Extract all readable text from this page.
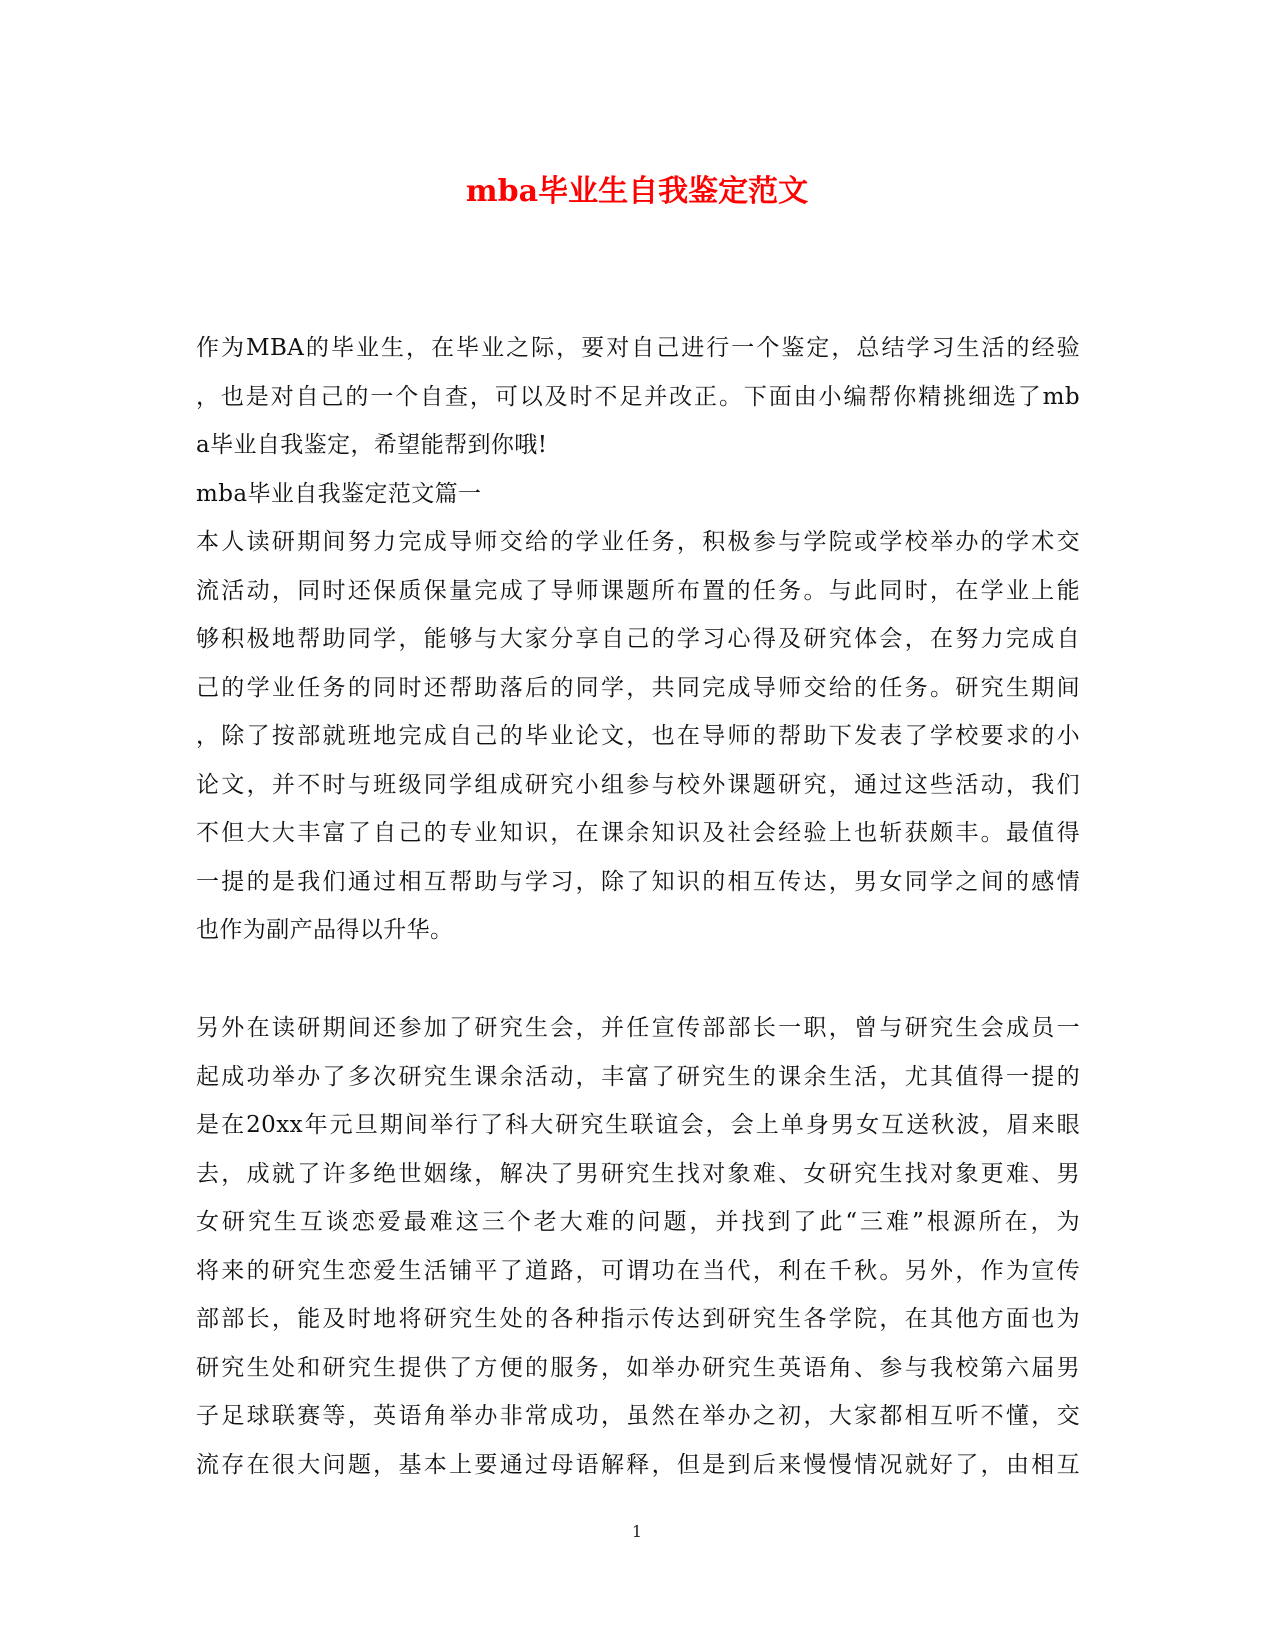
mba毕业生自我鉴定范文
作为MBA的毕业生，在毕业之际，要对自己进行一个鉴定，总结学习生活的经验
，也是对自己的一个自查，可以及时不足并改正。下面由小编帮你精挑细选了mb
a毕业自我鉴定，希望能帮到你哦!
mba毕业自我鉴定范文篇一
本人读研期间努力完成导师交给的学业任务，积极参与学院或学校举办的学术交
流活动，同时还保质保量完成了导师课题所布置的任务。与此同时，在学业上能
够积极地帮助同学，能够与大家分享自己的学习心得及研究体会，在努力完成自
己的学业任务的同时还帮助落后的同学，共同完成导师交给的任务。研究生期间
，除了按部就班地完成自己的毕业论文，也在导师的帮助下发表了学校要求的小
论文，并不时与班级同学组成研究小组参与校外课题研究，通过这些活动，我们
不但大大丰富了自己的专业知识，在课余知识及社会经验上也斩获颇丰。最值得
一提的是我们通过相互帮助与学习，除了知识的相互传达，男女同学之间的感情
也作为副产品得以升华。
另外在读研期间还参加了研究生会，并任宣传部部长一职，曾与研究生会成员一
起成功举办了多次研究生课余活动，丰富了研究生的课余生活，尤其值得一提的
是在20xx年元旦期间举行了科大研究生联谊会，会上单身男女互送秋波，眉来眼
去，成就了许多绝世姻缘，解决了男研究生找对象难、女研究生找对象更难、男
女研究生互谈恋爱最难这三个老大难的问题，并找到了此“三难”根源所在，为
将来的研究生恋爱生活铺平了道路，可谓功在当代，利在千秋。另外，作为宣传
部部长，能及时地将研究生处的各种指示传达到研究生各学院，在其他方面也为
研究生处和研究生提供了方便的服务，如举办研究生英语角、参与我校第六届男
子足球联赛等，英语角举办非常成功，虽然在举办之初，大家都相互听不懂，交
流存在很大问题，基本上要通过母语解释，但是到后来慢慢情况就好了，由相互
1
